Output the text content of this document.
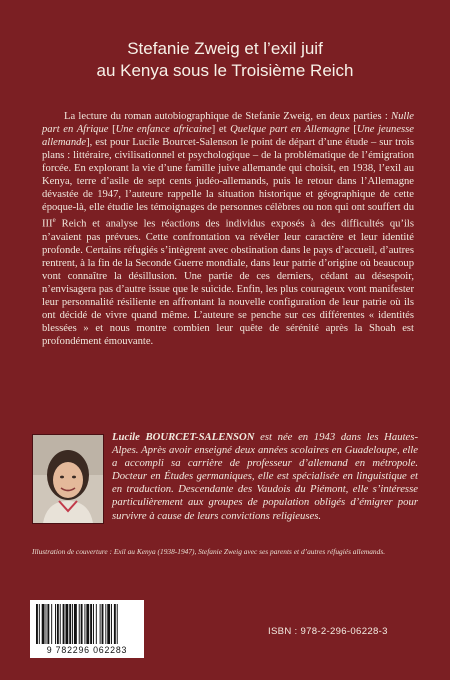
Stefanie Zweig et l’exil juif
au Kenya sous le Troisième Reich

La lecture du roman autobiographique de Stefanie Zweig, en deux parties : Nulle part en Afrique [Une enfance africaine] et Quelque part en Allemagne [Une jeunesse allemande], est pour Lucile Bourcet-Salenson le point de départ d’une étude – sur trois plans : littéraire, civilisationnel et psychologique – de la problématique de l’émigration forcée. En explorant la vie d’une famille juive allemande qui choisit, en 1938, l’exil au Kenya, terre d’asile de sept cents judéo-allemands, puis le retour dans l’Allemagne dévastée de 1947, l’auteure rappelle la situation historique et géographique de cette époque-là, elle étudie les témoignages de personnes célèbres ou non qui ont souffert du IIIe Reich et analyse les réactions des individus exposés à des difficultés qu’ils n’avaient pas prévues. Cette confrontation va révéler leur caractère et leur identité profonde. Certains réfugiés s’intègrent avec obstination dans le pays d’accueil, d’autres rentrent, à la fin de la Seconde Guerre mondiale, dans leur patrie d’origine où beaucoup vont connaître la désillusion. Une partie de ces derniers, cédant au désespoir, n’envisagera pas d’autre issue que le suicide. Enfin, les plus courageux vont manifester leur personnalité résiliente en affrontant la nouvelle configuration de leur patrie où ils ont décidé de vivre quand même. L’auteure se penche sur ces différentes « identités blessées » et nous montre combien leur quête de sérénité après la Shoah est profondément émouvante.

Lucile BOURCET-SALENSON est née en 1943 dans les Hautes-Alpes. Après avoir enseigné deux années scolaires en Guadeloupe, elle a accompli sa carrière de professeur d’allemand en métropole. Docteur en Études germaniques, elle est spécialisée en linguistique et en traduction. Descendante des Vaudois du Piémont, elle s’intéresse particulièrement aux groupes de population obligés d’émigrer pour survivre à cause de leurs convictions religieuses.

Illustration de couverture : Exil au Kenya (1938-1947), Stefanie Zweig avec ses parents et d’autres réfugiés allemands.

9 782296 062283
ISBN : 978-2-296-06228-3
